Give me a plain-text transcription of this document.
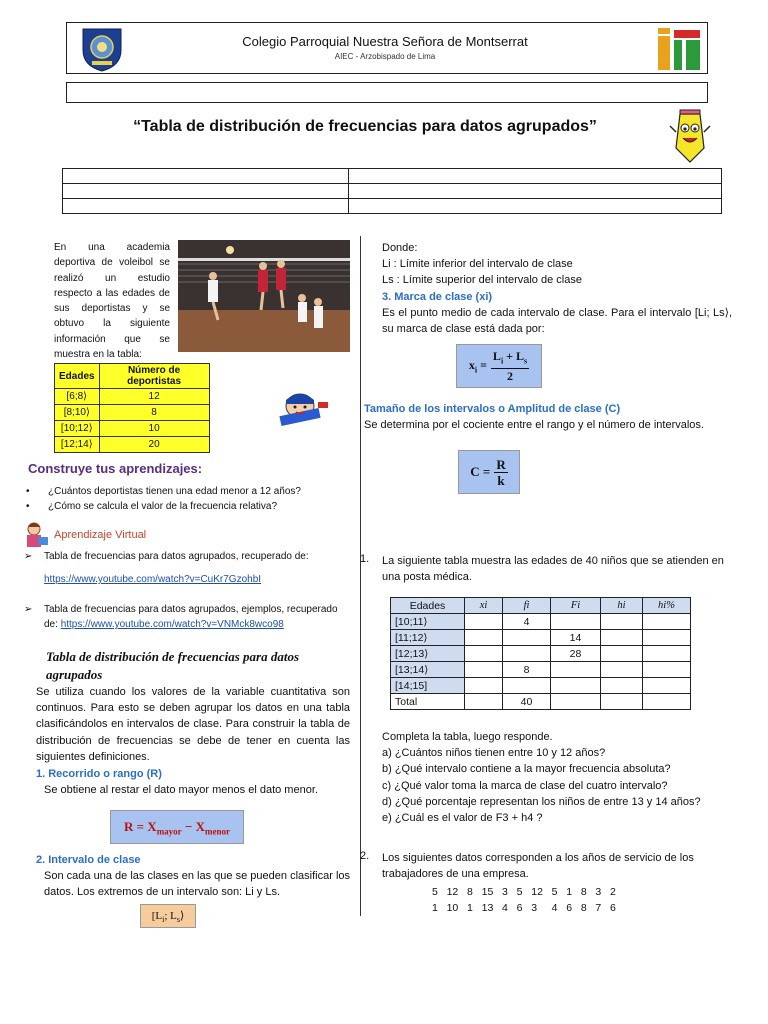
Colegio Parroquial Nuestra Señora de Montserrat
AIEC - Arzobispado de Lima
“Tabla de distribución de frecuencias para datos agrupados”

En una academia deportiva de voleibol se realizó un estudio respecto a las edades de sus deportistas y se obtuvo la siguiente información que se muestra en la tabla:
Edades	Número de deportistas
[6;8⟩	12
[8;10⟩	8
[10;12⟩	10
[12;14⟩	20
Construye tus aprendizajes:
•	¿Cuántos deportistas tienen una edad menor a 12 años?
•	¿Cómo se calcula el valor de la frecuencia relativa?
Aprendizaje Virtual
➢	Tabla de frecuencias para datos agrupados, recuperado de:
https://www.youtube.com/watch?v=CuKr7GzohbI
➢	Tabla de frecuencias para datos agrupados, ejemplos, recuperado de: https://www.youtube.com/watch?v=VNMck8wco98
Tabla de distribución de frecuencias para datos agrupados
Se utiliza cuando los valores de la variable cuantitativa son continuos. Para esto se deben agrupar los datos en una tabla clasificándolos en intervalos de clase. Para construir la tabla de distribución de frecuencias se debe de tener en cuenta las siguientes definiciones.
1. Recorrido o rango (R)
Se obtiene al restar el dato mayor menos el dato menor.
$R = X_{mayor} - X_{menor}$
2. Intervalo de clase
Son cada una de las clases en las que se pueden clasificar los datos. Los extremos de un intervalo son: Li y Ls.
[$L_i$; $L_s⟩$
Donde:
Li : Límite inferior del intervalo de clase
Ls : Límite superior del intervalo de clase
3. Marca de clase (xi)
Es el punto medio de cada intervalo de clase. Para el intervalo [Li; Ls⟩, su marca de clase está dada por:
$x_i = \frac{L_i + L_s}{2}$
Tamaño de los intervalos o Amplitud de clase (C)
Se determina por el cociente entre el rango y el número de intervalos.
$C = \frac{R}{k}$
1. La siguiente tabla muestra las edades de 40 niños que se atienden en una posta médica.
Edades	xi	fi	Fi	hi	hi%
[10;11⟩		4			
[11;12⟩			14		
[12;13⟩			28		
[13;14⟩		8			
[14;15]					
Total		40			
Completa la tabla, luego responde.
a) ¿Cuántos niños tienen entre 10 y 12 años?
b) ¿Qué intervalo contiene a la mayor frecuencia absoluta?
c) ¿Qué valor toma la marca de clase del cuatro intervalo?
d) ¿Qué porcentaje representan los niños de entre 13 y 14 años?
e) ¿Cuál es el valor de F3 + h4 ?
2. Los siguientes datos corresponden a los años de servicio de los trabajadores de una empresa.
5   12   8   15   3   5   12   5   1   8   3   2
1   10   1   13   4   6   3     4   6   8   7   6
